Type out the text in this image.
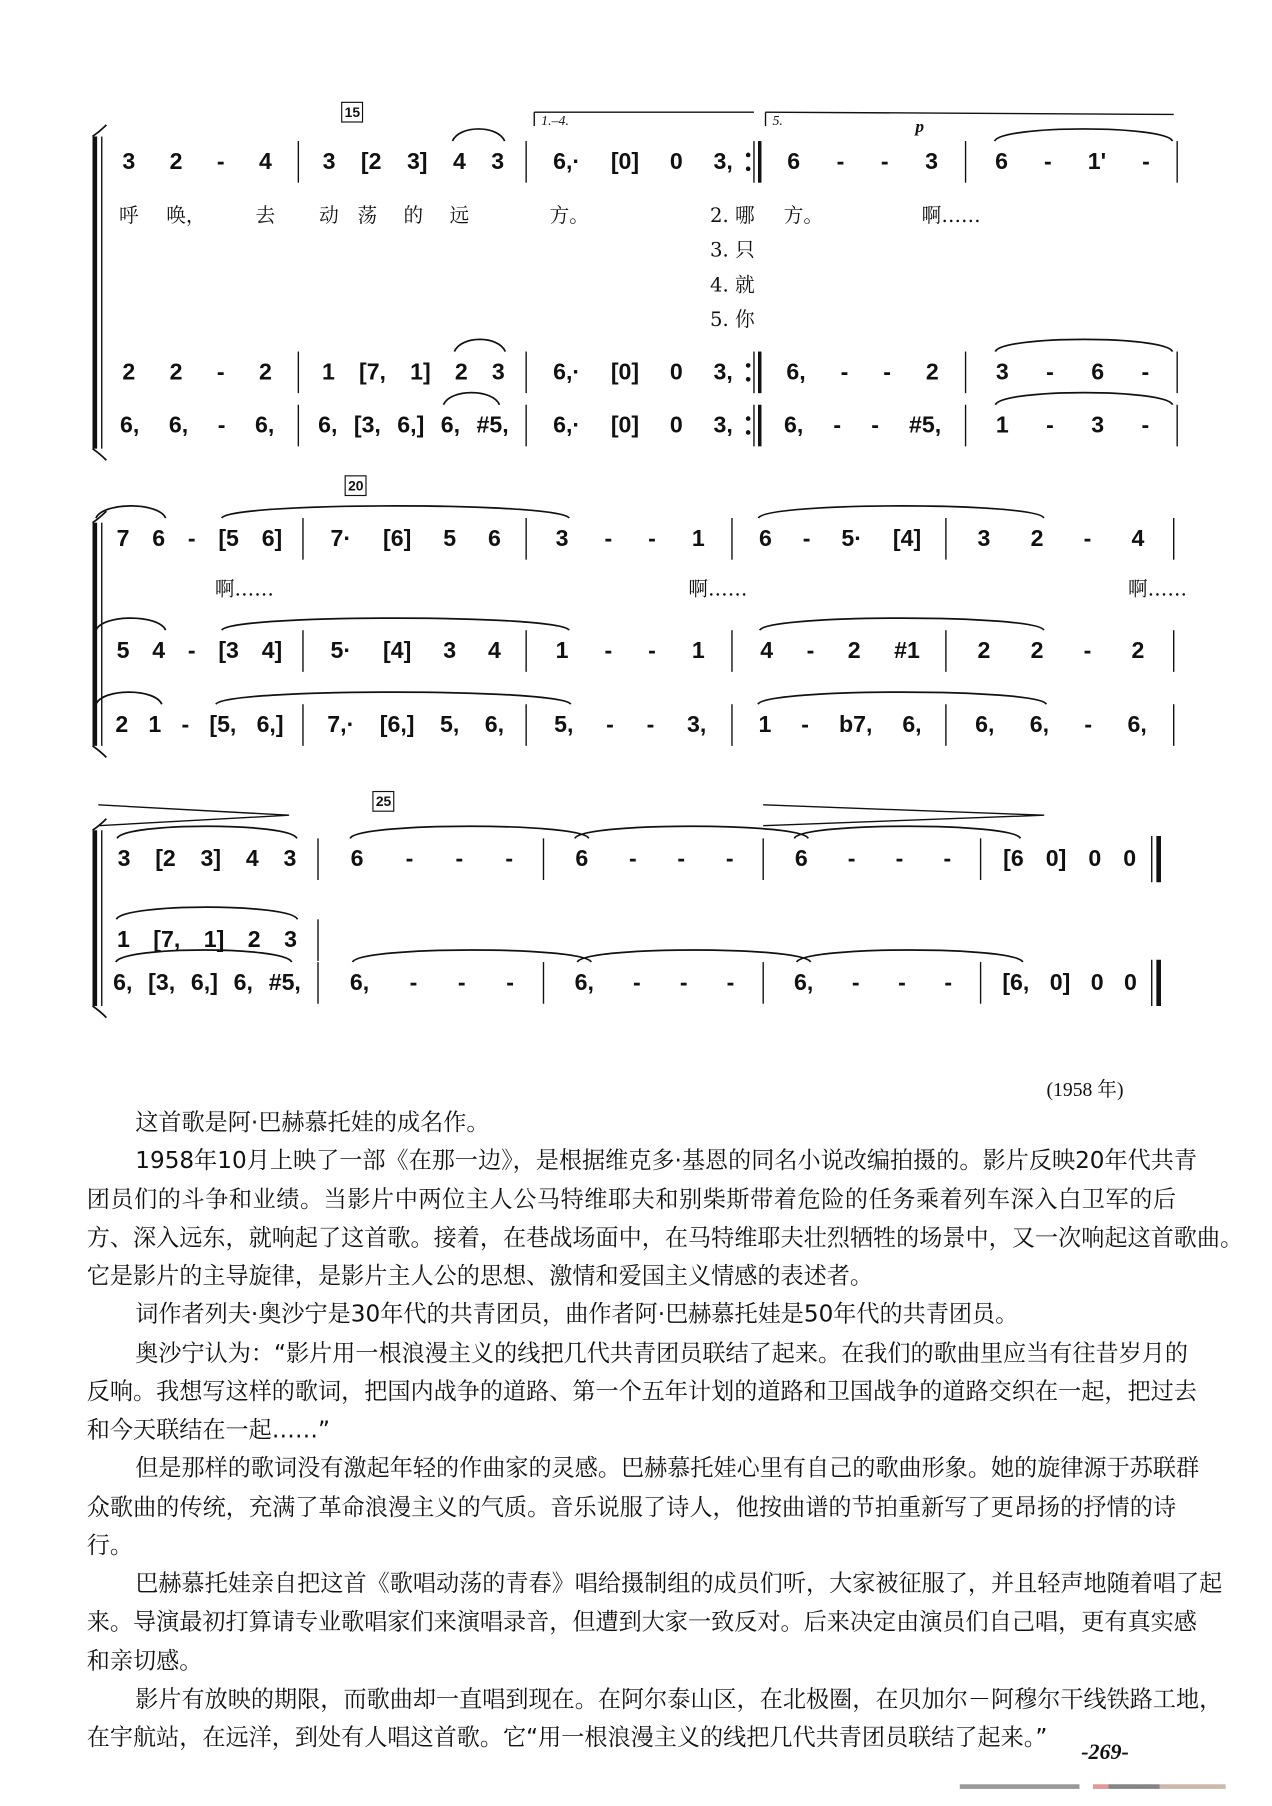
15
3 2 - 4	3 [2 3] 4 3 6,· [0] 0 3,	6 - - 3	6 - 1' -
2 2 - 2	1 [7, 1] 2 3 6,· [0] 0 3,	6, - - 2	3 - 6 -
6, 6, - 6, 6, [3, 6,] 6, #5, 6,· [0] 0 3,	6, - - #5,	1 - 3 -
呼 唤，	去	动 荡 的 远	方。	2. 哪
3. 只
4. 就
5. 你
方。	啊……
1.–4.	5.	p
20
7 6 - [5 6] 7· [6] 5 6	3 - - 1	6 - 5· [4]	3 2 - 4
5 4 - [3 4] 5· [4] 3 4	1 - - 1	4 - 2 #1	2 2 - 2
2 1 - [5, 6,] 7,· [6,] 5, 6, 5, - - 3,	1 - b7, 6,	6, 6, - 6,
啊……	啊……	啊……
25
3 [2 3] 4 3	6 - - -	6 - - -	6 - - -	[6 0] 0 0
1 [7, 1] 2 3
6, [3, 6,] 6, #5, 6, - - -	6, - - -	6, - - -	[6, 0] 0 0
(1958 年)
这首歌是阿·巴赫慕托娃的成名作。
1958年10月上映了一部《在那一边》，是根据维克多·基恩的同名小说改编拍摄的。影片反映20年代共青
团员们的斗争和业绩。当影片中两位主人公马特维耶夫和别柴斯带着危险的任务乘着列车深入白卫军的后
方、深入远东，就响起了这首歌。接着，在巷战场面中，在马特维耶夫壮烈牺牲的场景中，又一次响起这首歌曲。
它是影片的主导旋律，是影片主人公的思想、激情和爱国主义情感的表述者。
词作者列夫·奥沙宁是30年代的共青团员，曲作者阿·巴赫慕托娃是50年代的共青团员。
奥沙宁认为：“影片用一根浪漫主义的线把几代共青团员联结了起来。在我们的歌曲里应当有往昔岁月的
反响。我想写这样的歌词，把国内战争的道路、第一个五年计划的道路和卫国战争的道路交织在一起，把过去
和今天联结在一起……”
但是那样的歌词没有激起年轻的作曲家的灵感。巴赫慕托娃心里有自己的歌曲形象。她的旋律源于苏联群
众歌曲的传统，充满了革命浪漫主义的气质。音乐说服了诗人，他按曲谱的节拍重新写了更昂扬的抒情的诗
行。
巴赫慕托娃亲自把这首《歌唱动荡的青春》唱给摄制组的成员们听，大家被征服了，并且轻声地随着唱了起
来。导演最初打算请专业歌唱家们来演唱录音，但遭到大家一致反对。后来决定由演员们自己唱，更有真实感
和亲切感。
影片有放映的期限，而歌曲却一直唱到现在。在阿尔泰山区，在北极圈，在贝加尔－阿穆尔干线铁路工地，
在宇航站，在远洋，到处有人唱这首歌。它“用一根浪漫主义的线把几代共青团员联结了起来。”
-269-
